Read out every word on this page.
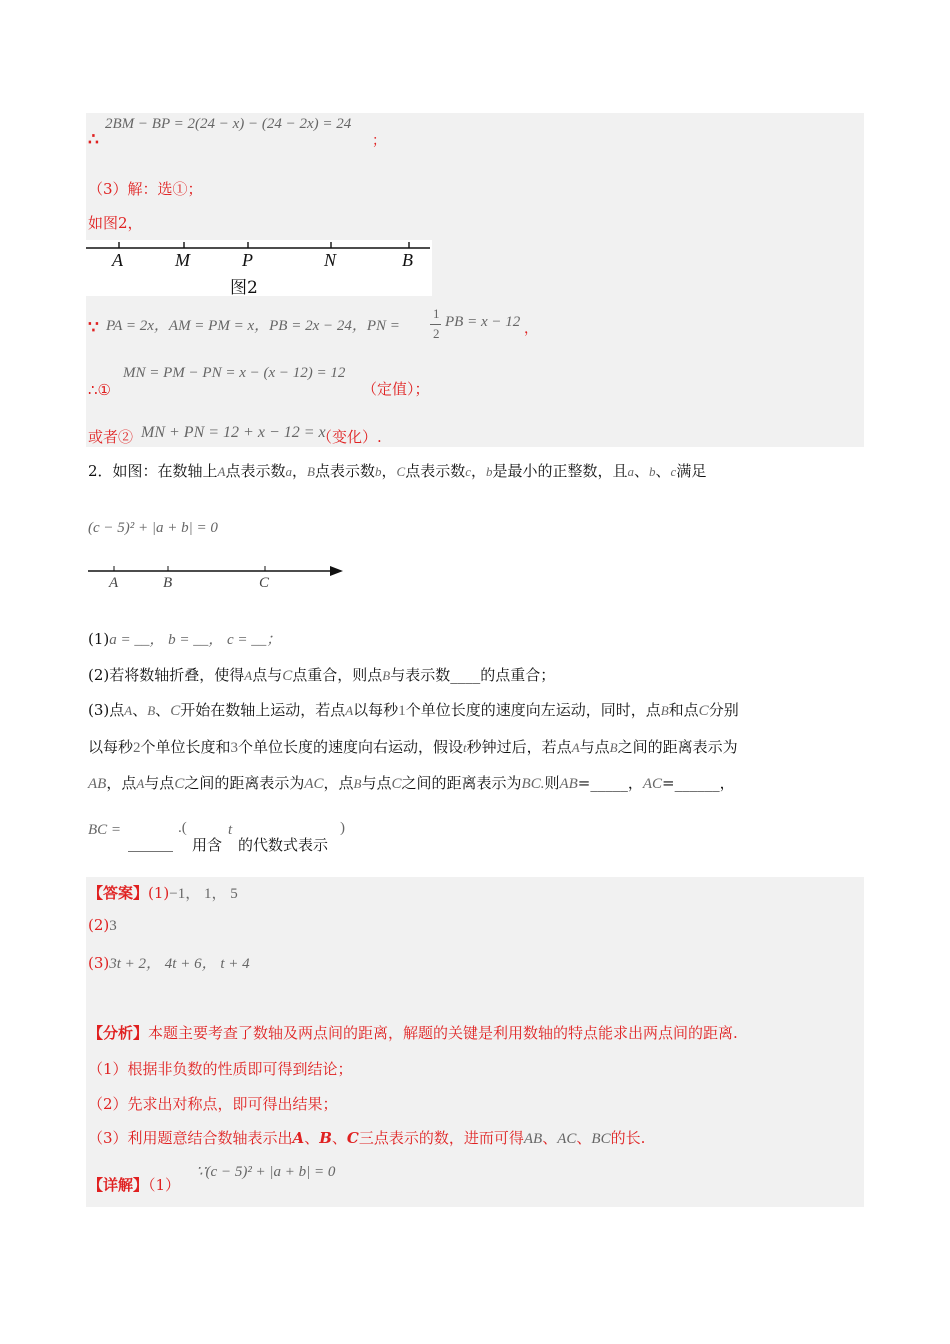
∴
2BM − BP = 2(24 − x) − (24 − 2x) = 24
；
（3）解：选①；
如图2，
A	M	P	N	B
图2
∵ PA = 2x，AM = PM = x，PB = 2x − 24，PN =
1
2
PB = x − 12 ，
∴①
MN = PM − PN = x − (x − 12) = 12
（定值）；
或者② MN + PN = 12 + x − 12 = x
（变化）.
2．如图：在数轴上A点表示数a，B点表示数b，C点表示数c，b是最小的正整数，且a、b、c满足
(c − 5)² + |a + b| = 0
A	B	C
(1)a = __， b = __， c = __；
(2)若将数轴折叠，使得A点与C点重合，则点B与表示数____的点重合；
(3)点A、B、C开始在数轴上运动，若点A以每秒1个单位长度的速度向左运动，同时，点B和点C分别
以每秒2个单位长度和3个单位长度的速度向右运动，假设t秒钟过后，若点A与点B之间的距离表示为
AB，点A与点C之间的距离表示为AC，点B与点C之间的距离表示为BC.则AB=_____，AC=______，
BC =
______
.(
用含
t
的代数式表示
)
【答案】(1)−1， 1， 5
(2)3
(3)3t + 2， 4t + 6， t + 4
【分析】本题主要考查了数轴及两点间的距离，解题的关键是利用数轴的特点能求出两点间的距离.
（1）根据非负数的性质即可得到结论；
（2）先求出对称点，即可得出结果；
（3）利用题意结合数轴表示出A、B、C三点表示的数，进而可得AB、AC、BC的长.
【详解】（1）
∵(c − 5)² + |a + b| = 0
